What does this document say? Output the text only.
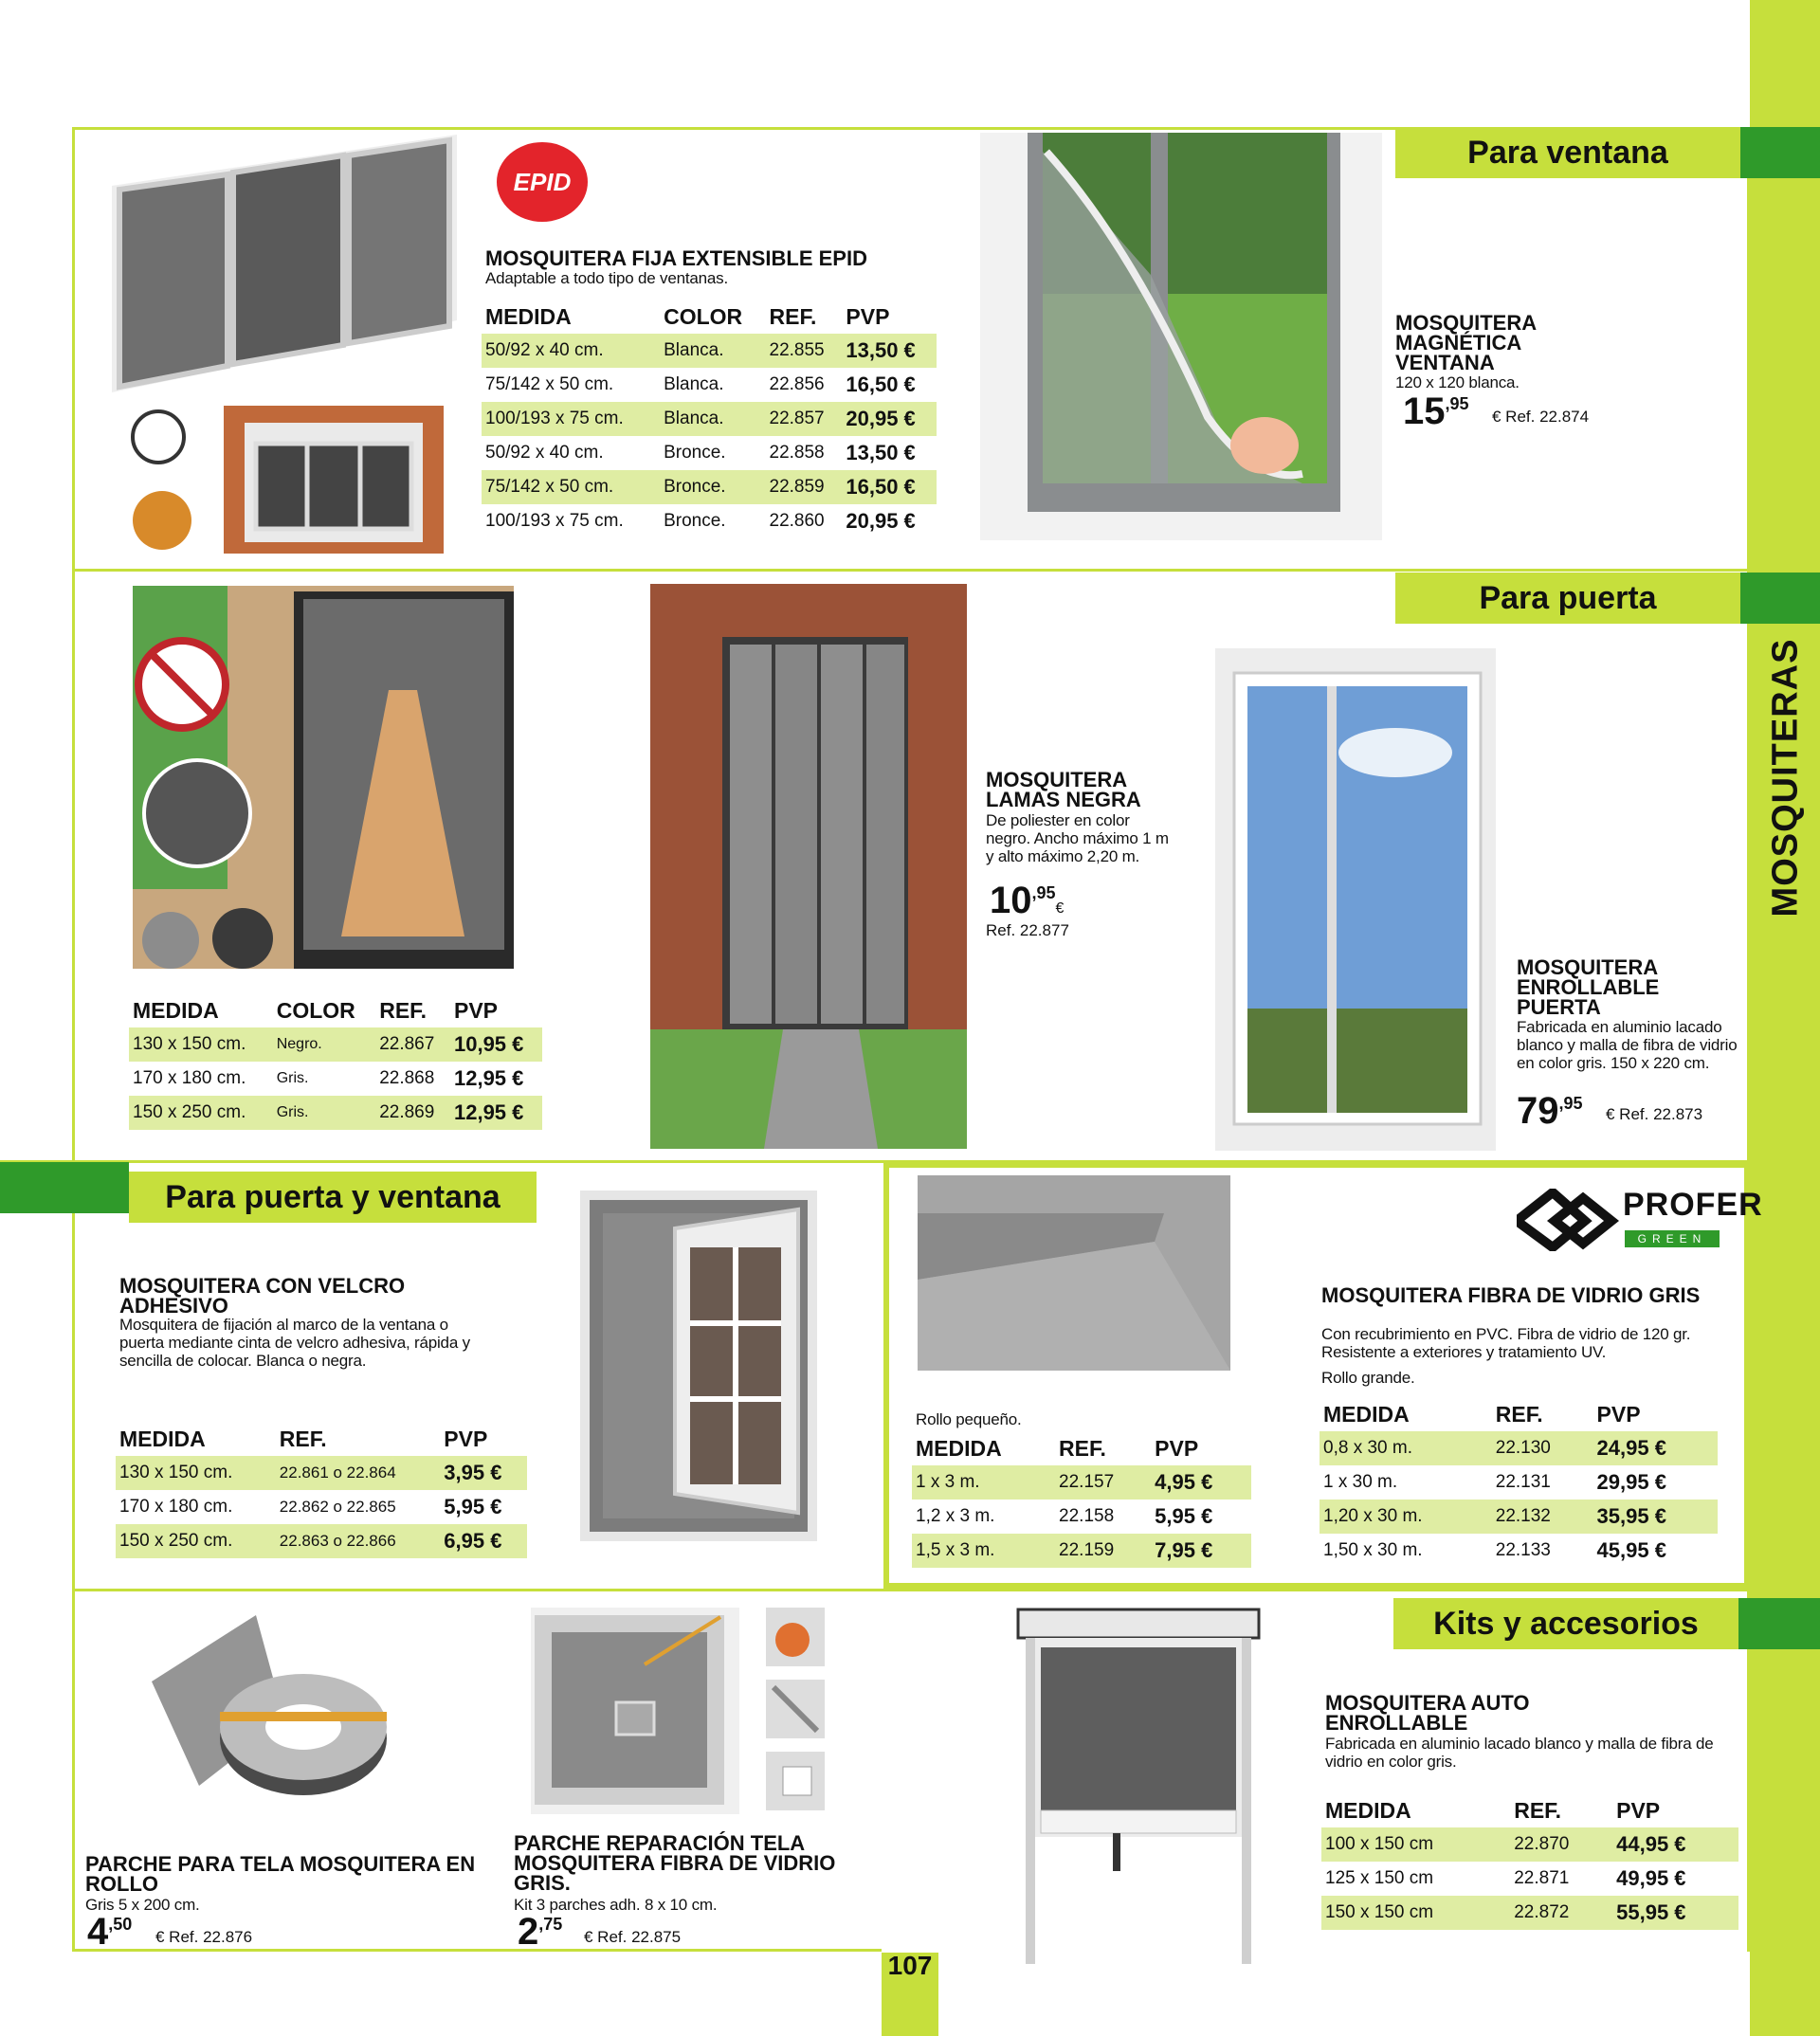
107
Para ventana
Para puerta
Para puerta y ventana
Kits y accesorios
MOSQUITERAS
EPID
MOSQUITERA FIJA EXTENSIBLE EPID
Adaptable a todo tipo de ventanas.
MEDIDA	COLOR	REF.	PVP
50/92 x 40 cm.	Blanca.	22.855	13,50 €
75/142 x 50 cm.	Blanca.	22.856	16,50 €
100/193 x 75 cm.	Blanca.	22.857	20,95 €
50/92 x 40 cm.	Bronce.	22.858	13,50 €
75/142 x 50 cm.	Bronce.	22.859	16,50 €
100/193 x 75 cm.	Bronce.	22.860	20,95 €
MOSQUITERA MAGNÉTICA VENTANA
120 x 120 blanca.
$15^{,95}$
€ Ref. 22.874
MEDIDA	COLOR	REF.	PVP
130 x 150 cm.	Negro.	22.867	10,95 €
170 x 180 cm.	Gris.	22.868	12,95 €
150 x 250 cm.	Gris.	22.869	12,95 €
MOSQUITERA LAMAS NEGRA
De poliester en color negro. Ancho máximo 1 m y alto máximo 2,20 m.
$10^{,95}€$
Ref. 22.877
MOSQUITERA ENROLLABLE PUERTA
Fabricada en aluminio lacado blanco y malla de fibra de vidrio en color gris. 150 x 220 cm.
$79^{,95}$
€ Ref. 22.873
MOSQUITERA CON VELCRO ADHESIVO
Mosquitera de fijación al marco de la ventana o puerta mediante cinta de velcro adhesiva, rápida y sencilla de colocar. Blanca o negra.
MEDIDA	REF.	PVP
130 x 150 cm.	22.861 o 22.864	3,95 €
170 x 180 cm.	22.862 o 22.865	5,95 €
150 x 250 cm.	22.863 o 22.866	6,95 €
Rollo pequeño.
MEDIDA	REF.	PVP
1 x 3 m.	22.157	4,95 €
1,2 x 3 m.	22.158	5,95 €
1,5 x 3 m.	22.159	7,95 €
PROFER
GREEN
MOSQUITERA FIBRA DE VIDRIO GRIS
Con recubrimiento en PVC. Fibra de vidrio de 120 gr. Resistente a exteriores y tratamiento UV.
Rollo grande.
MEDIDA	REF.	PVP
0,8 x 30 m.	22.130	24,95 €
1 x 30 m.	22.131	29,95 €
1,20 x 30 m.	22.132	35,95 €
1,50 x 30 m.	22.133	45,95 €
PARCHE PARA TELA MOSQUITERA EN ROLLO
Gris 5 x 200 cm.
$4^{,50}$
€ Ref. 22.876
PARCHE REPARACIÓN TELA MOSQUITERA FIBRA DE VIDRIO GRIS.
Kit 3 parches adh. 8 x 10 cm.
$2^{,75}$
€ Ref. 22.875
MOSQUITERA AUTO ENROLLABLE
Fabricada en aluminio lacado blanco y malla de fibra de vidrio en color gris.
MEDIDA	REF.	PVP
100 x 150 cm	22.870	44,95 €
125 x 150 cm	22.871	49,95 €
150 x 150 cm	22.872	55,95 €
